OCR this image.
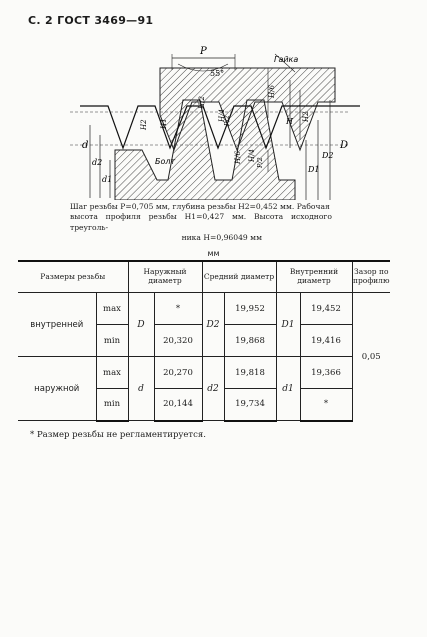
С. 2 ГОСТ 3469—91
P
55°
Гайка
Болт
H2 H1
H/2
H/4
H/6
H H2
H/6 H/4
d
d2
d1
D1
D2
D
P/2
P/2
Шаг резьбы P=0,705 мм, глубина резьбы H2=0,452 мм. Рабочая
высота профиля резьбы H1=0,427 мм. Высота исходного треуголь-
ника H=0,96049 мм
мм
Размеры резьбы		Наружный диаметр		Средний диаметр		Внутренний диаметр		Зазор по профилю
внутренней	max	D	*	D2	19,952	D1	19,452	0,05
	min		20,320		19,868		19,416	
наружной	max	d	20,270	d2	19,818	d1	19,366	
	min		20,144		19,734		*	
* Размер резьбы не регламентируется.
